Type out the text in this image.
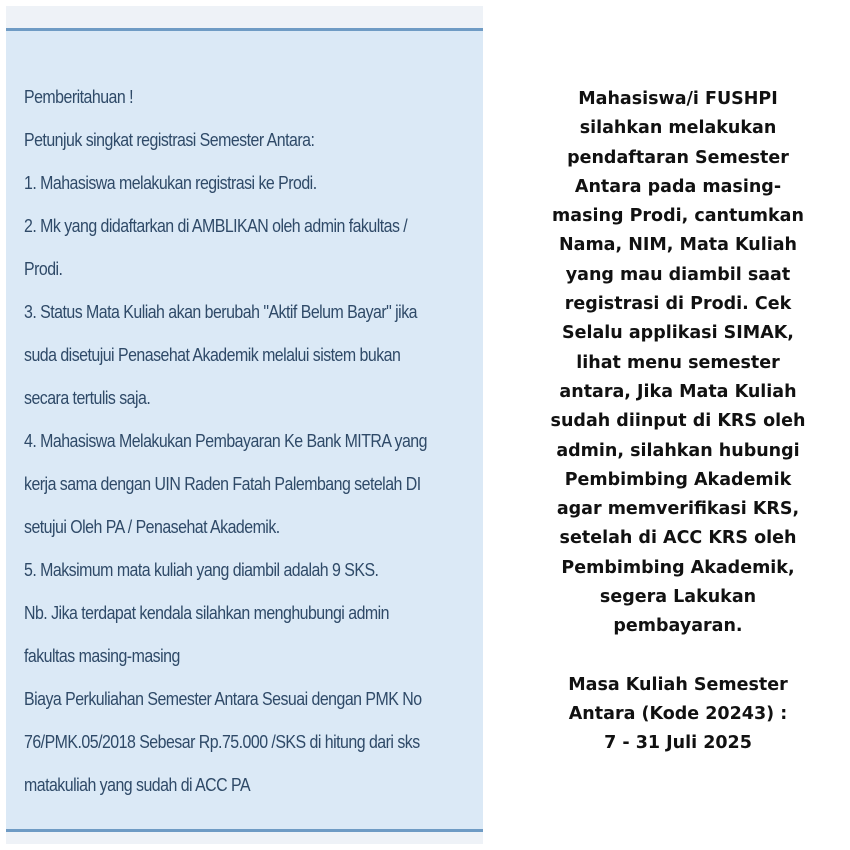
Pemberitahuan !
Petunjuk singkat registrasi Semester Antara:
1. Mahasiswa melakukan registrasi ke Prodi.
2. Mk yang didaftarkan di AMBLIKAN oleh admin fakultas /
Prodi.
3. Status Mata Kuliah akan berubah "Aktif Belum Bayar" jika
suda disetujui Penasehat Akademik melalui sistem bukan
secara tertulis saja.
4. Mahasiswa Melakukan Pembayaran Ke Bank MITRA yang
kerja sama dengan UIN Raden Fatah Palembang setelah DI
setujui Oleh PA / Penasehat Akademik.
5. Maksimum mata kuliah yang diambil adalah 9 SKS.
Nb. Jika terdapat kendala silahkan menghubungi admin
fakultas masing-masing
Biaya Perkuliahan Semester Antara Sesuai dengan PMK No
76/PMK.05/2018 Sebesar Rp.75.000 /SKS di hitung dari sks
matakuliah yang sudah di ACC PA

Mahasiswa/i FUSHPI silahkan melakukan pendaftaran Semester Antara pada masing-masing Prodi, cantumkan Nama, NIM, Mata Kuliah yang mau diambil saat registrasi di Prodi. Cek Selalu applikasi SIMAK, lihat menu semester antara, Jika Mata Kuliah sudah diinput di KRS oleh admin, silahkan hubungi Pembimbing Akademik agar memverifikasi KRS, setelah di ACC KRS oleh Pembimbing Akademik, segera Lakukan pembayaran.

Masa Kuliah Semester Antara (Kode 20243) :
7 - 31 Juli 2025
